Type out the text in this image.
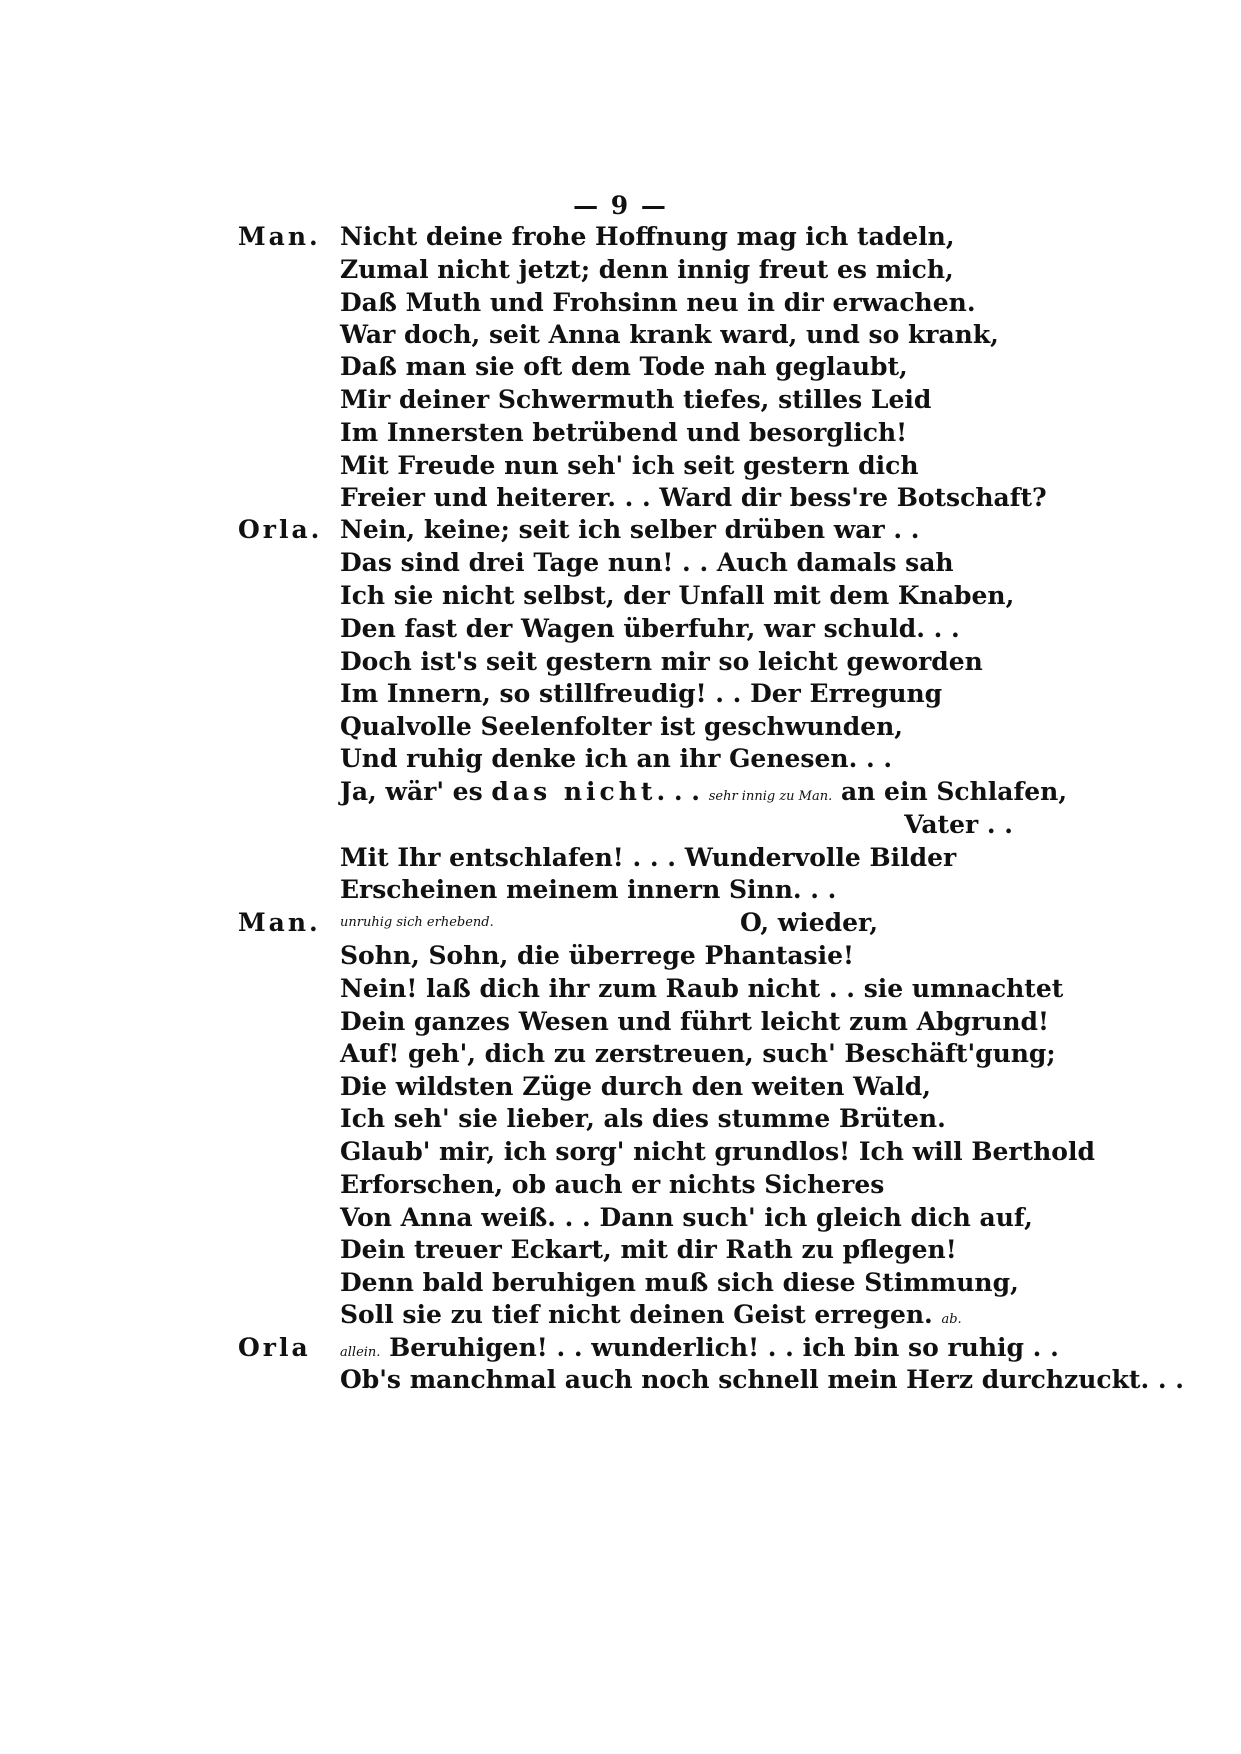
— 9 —
Man. Nicht deine frohe Hoffnung mag ich tadeln,
Zumal nicht jetzt; denn innig freut es mich,
Daß Muth und Frohsinn neu in dir erwachen.
War doch, seit Anna krank ward, und so krank,
Daß man sie oft dem Tode nah geglaubt,
Mir deiner Schwermuth tiefes, stilles Leid
Im Innersten betrübend und besorglich!
Mit Freude nun seh' ich seit gestern dich
Freier und heiterer. . . Ward dir bess're Botschaft?
Orla. Nein, keine; seit ich selber drüben war . .
Das sind drei Tage nun! . . Auch damals sah
Ich sie nicht selbst, der Unfall mit dem Knaben,
Den fast der Wagen überfuhr, war schuld. . .
Doch ist's seit gestern mir so leicht geworden
Im Innern, so stillfreudig! . . Der Erregung
Qualvolle Seelenfolter ist geschwunden,
Und ruhig denke ich an ihr Genesen. . .
Ja, wär' es das nicht. . . sehr innig zu Man. an ein Schlafen,
Vater . .
Mit Ihr entschlafen! . . . Wundervolle Bilder
Erscheinen meinem innern Sinn. . .
Man. unruhig sich erhebend.	O, wieder,
Sohn, Sohn, die überrege Phantasie!
Nein! laß dich ihr zum Raub nicht . . sie umnachtet
Dein ganzes Wesen und führt leicht zum Abgrund!
Auf! geh', dich zu zerstreuen, such' Beschäft'gung;
Die wildsten Züge durch den weiten Wald,
Ich seh' sie lieber, als dies stumme Brüten.
Glaub' mir, ich sorg' nicht grundlos! Ich will Berthold
Erforschen, ob auch er nichts Sicheres
Von Anna weiß. . . Dann such' ich gleich dich auf,
Dein treuer Eckart, mit dir Rath zu pflegen!
Denn bald beruhigen muß sich diese Stimmung,
Soll sie zu tief nicht deinen Geist erregen. ab.
Orla allein. Beruhigen! . . wunderlich! . . ich bin so ruhig . .
Ob's manchmal auch noch schnell mein Herz durchzuckt. . .
